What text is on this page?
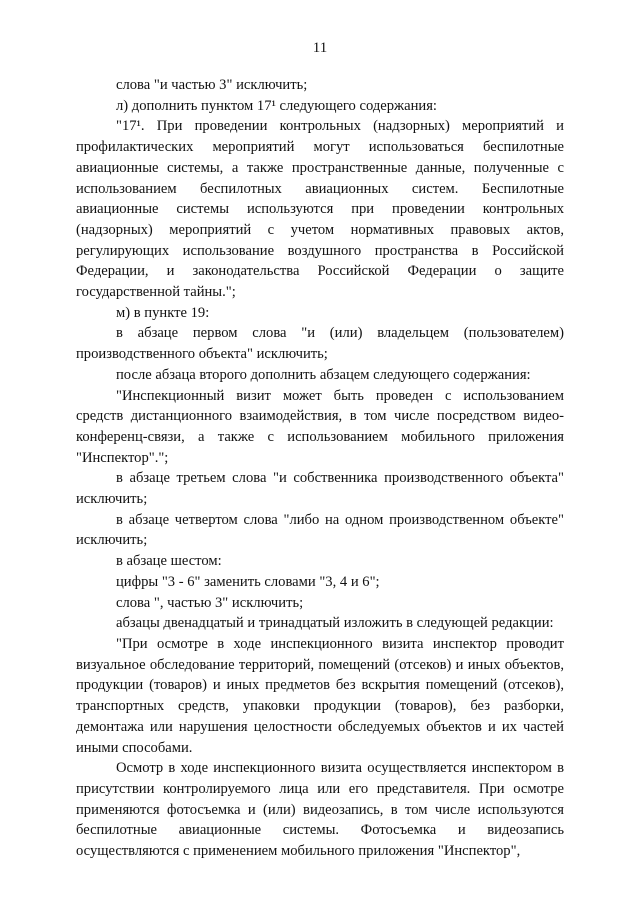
11

слова "и частью 3" исключить;

л) дополнить пунктом 17¹ следующего содержания:

"17¹. При проведении контрольных (надзорных) мероприятий и профилактических мероприятий могут использоваться беспилотные авиационные системы, а также пространственные данные, полученные с использованием беспилотных авиационных систем. Беспилотные авиационные системы используются при проведении контрольных (надзорных) мероприятий с учетом нормативных правовых актов, регулирующих использование воздушного пространства в Российской Федерации, и законодательства Российской Федерации о защите государственной тайны.";

м) в пункте 19:

в абзаце первом слова "и (или) владельцем (пользователем) производственного объекта" исключить;

после абзаца второго дополнить абзацем следующего содержания:

"Инспекционный визит может быть проведен с использованием средств дистанционного взаимодействия, в том числе посредством видео-конференц-связи, а также с использованием мобильного приложения "Инспектор".";

в абзаце третьем слова "и собственника производственного объекта" исключить;

в абзаце четвертом слова "либо на одном производственном объекте" исключить;

в абзаце шестом:

цифры "3 - 6" заменить словами "3, 4 и 6";

слова ", частью 3" исключить;

абзацы двенадцатый и тринадцатый изложить в следующей редакции:

"При осмотре в ходе инспекционного визита инспектор проводит визуальное обследование территорий, помещений (отсеков) и иных объектов, продукции (товаров) и иных предметов без вскрытия помещений (отсеков), транспортных средств, упаковки продукции (товаров), без разборки, демонтажа или нарушения целостности обследуемых объектов и их частей иными способами.

Осмотр в ходе инспекционного визита осуществляется инспектором в присутствии контролируемого лица или его представителя. При осмотре применяются фотосъемка и (или) видеозапись, в том числе используются беспилотные авиационные системы. Фотосъемка и видеозапись осуществляются с применением мобильного приложения "Инспектор",
